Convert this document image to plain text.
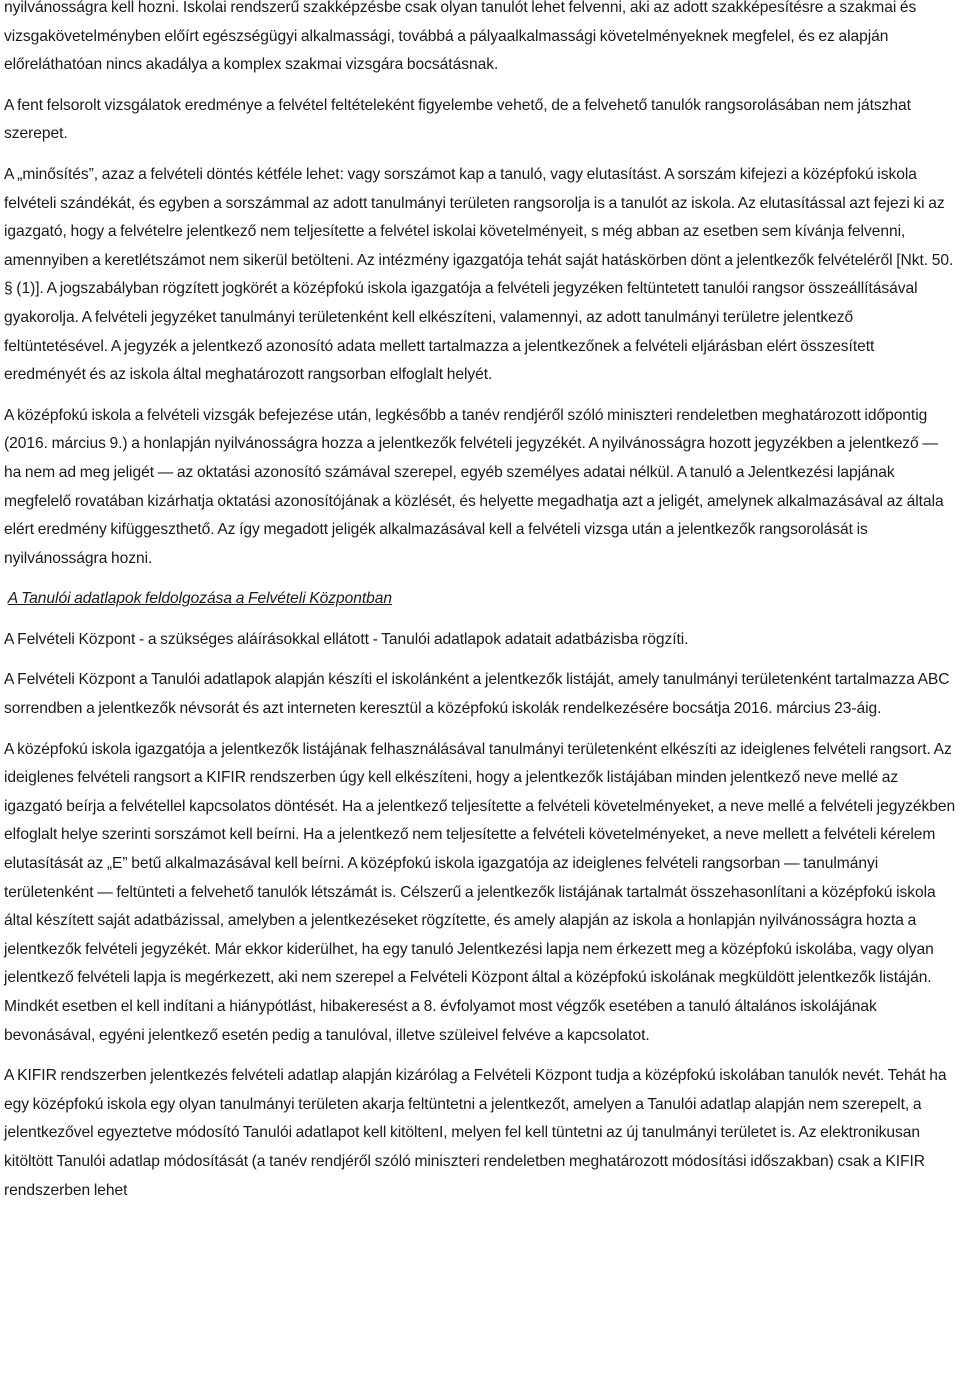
nyilvánosságra kell hozni. Iskolai rendszerű szakképzésbe csak olyan tanulót lehet felvenni, aki az adott szakképesítésre a szakmai és vizsgakövetelményben előírt egészségügyi alkalmassági, továbbá a pályaalkalmassági követelményeknek megfelel, és ez alapján előreláthatóan nincs akadálya a komplex szakmai vizsgára bocsátásnak.

A fent felsorolt vizsgálatok eredménye a felvétel feltételeként figyelembe vehető, de a felvehető tanulók rangsorolásában nem játszhat szerepet.

A „minősítés”, azaz a felvételi döntés kétféle lehet: vagy sorszámot kap a tanuló, vagy elutasítást. A sorszám kifejezi a középfokú iskola felvételi szándékát, és egyben a sorszámmal az adott tanulmányi területen rangsorolja is a tanulót az iskola. Az elutasítással azt fejezi ki az igazgató, hogy a felvételre jelentkező nem teljesítette a felvétel iskolai követelményeit, s még abban az esetben sem kívánja felvenni, amennyiben a keretlétszámot nem sikerül betölteni. Az intézmény igazgatója tehát saját hatáskörben dönt a jelentkezők felvételéről [Nkt. 50. § (1)]. A jogszabályban rögzített jogkörét a középfokú iskola igazgatója a felvételi jegyzéken feltüntetett tanulói rangsor összeállításával gyakorolja. A felvételi jegyzéket tanulmányi területenként kell elkészíteni, valamennyi, az adott tanulmányi területre jelentkező feltüntetésével. A jegyzék a jelentkező azonosító adata mellett tartalmazza a jelentkezőnek a felvételi eljárásban elért összesített eredményét és az iskola által meghatározott rangsorban elfoglalt helyét.

A középfokú iskola a felvételi vizsgák befejezése után, legkésőbb a tanév rendjéről szóló miniszteri rendeletben meghatározott időpontig (2016. március 9.) a honlapján nyilvánosságra hozza a jelentkezők felvételi jegyzékét. A nyilvánosságra hozott jegyzékben a jelentkező — ha nem ad meg jeligét — az oktatási azonosító számával szerepel, egyéb személyes adatai nélkül. A tanuló a Jelentkezési lapjának megfelelő rovatában kizárhatja oktatási azonosítójának a közlését, és helyette megadhatja azt a jeligét, amelynek alkalmazásával az általa elért eredmény kifüggeszthető. Az így megadott jeligék alkalmazásával kell a felvételi vizsga után a jelentkezők rangsorolását is nyilvánosságra hozni.

A Tanulói adatlapok feldolgozása a Felvételi Központban

A Felvételi Központ - a szükséges aláírásokkal ellátott - Tanulói adatlapok adatait adatbázisba rögzíti.

A Felvételi Központ a Tanulói adatlapok alapján készíti el iskolánként a jelentkezők listáját, amely tanulmányi területenként tartalmazza ABC sorrendben a jelentkezők névsorát és azt interneten keresztül a középfokú iskolák rendelkezésére bocsátja 2016. március 23-áig.

A középfokú iskola igazgatója a jelentkezők listájának felhasználásával tanulmányi területenként elkészíti az ideiglenes felvételi rangsort. Az ideiglenes felvételi rangsort a KIFIR rendszerben úgy kell elkészíteni, hogy a jelentkezők listájában minden jelentkező neve mellé az igazgató beírja a felvétellel kapcsolatos döntését. Ha a jelentkező teljesítette a felvételi követelményeket, a neve mellé a felvételi jegyzékben elfoglalt helye szerinti sorszámot kell beírni. Ha a jelentkező nem teljesítette a felvételi követelményeket, a neve mellett a felvételi kérelem elutasítását az „E” betű alkalmazásával kell beírni. A középfokú iskola igazgatója az ideiglenes felvételi rangsorban — tanulmányi területenként — feltünteti a felvehető tanulók létszámát is. Célszerű a jelentkezők listájának tartalmát összehasonlítani a középfokú iskola által készített saját adatbázissal, amelyben a jelentkezéseket rögzítette, és amely alapján az iskola a honlapján nyilvánosságra hozta a jelentkezők felvételi jegyzékét. Már ekkor kiderülhet, ha egy tanuló Jelentkezési lapja nem érkezett meg a középfokú iskolába, vagy olyan jelentkező felvételi lapja is megérkezett, aki nem szerepel a Felvételi Központ által a középfokú iskolának megküldött jelentkezők listáján. Mindkét esetben el kell indítani a hiánypótlást, hibakeresést a 8. évfolyamot most végzők esetében a tanuló általános iskolájának bevonásával, egyéni jelentkező esetén pedig a tanulóval, illetve szüleivel felvéve a kapcsolatot.

A KIFIR rendszerben jelentkezés felvételi adatlap alapján kizárólag a Felvételi Központ tudja a középfokú iskolában tanulók nevét. Tehát ha egy középfokú iskola egy olyan tanulmányi területen akarja feltüntetni a jelentkezőt, amelyen a Tanulói adatlap alapján nem szerepelt, a jelentkezővel egyeztetve módosító Tanulói adatlapot kell kitöltenI, melyen fel kell tüntetni az új tanulmányi területet is. Az elektronikusan kitöltött Tanulói adatlap módosítását (a tanév rendjéről szóló miniszteri rendeletben meghatározott módosítási időszakban) csak a KIFIR rendszerben lehet
